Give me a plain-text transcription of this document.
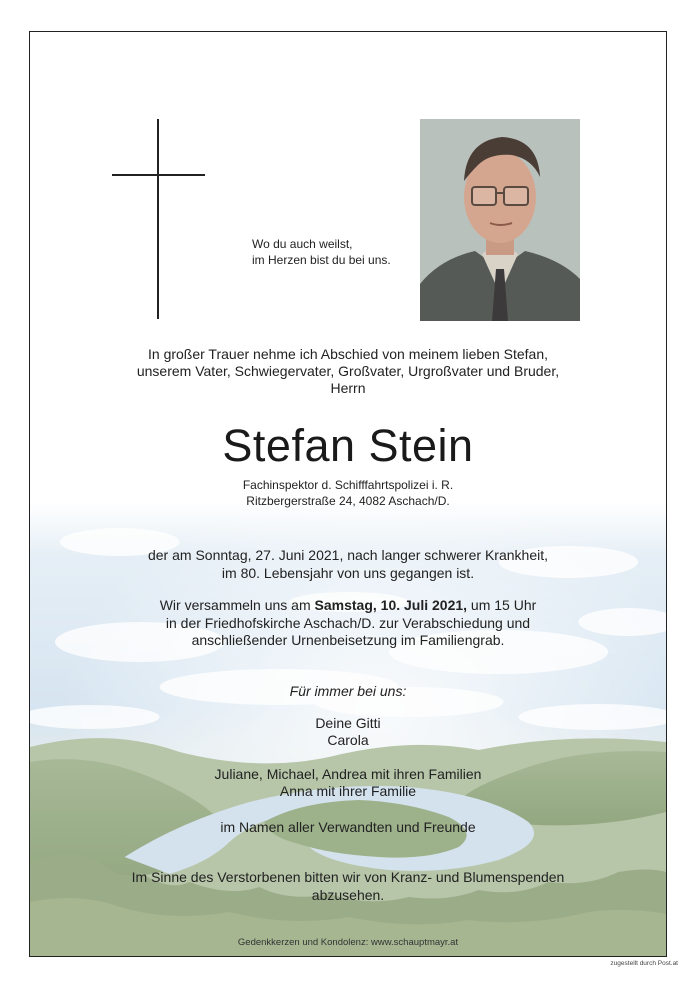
Wo du auch weilst,
im Herzen bist du bei uns.
In großer Trauer nehme ich Abschied von meinem lieben Stefan,
unserem Vater, Schwiegervater, Großvater, Urgroßvater und Bruder,
Herrn
Stefan Stein
Fachinspektor d. Schifffahrtspolizei i. R.
Ritzbergerstraße 24, 4082 Aschach/D.
der am Sonntag, 27. Juni 2021, nach langer schwerer Krankheit,
im 80. Lebensjahr von uns gegangen ist.
Wir versammeln uns am Samstag, 10. Juli 2021, um 15 Uhr
in der Friedhofskirche Aschach/D. zur Verabschiedung und
anschließender Urnenbeisetzung im Familiengrab.
Für immer bei uns:
Deine Gitti
Carola
Juliane, Michael, Andrea mit ihren Familien
Anna mit ihrer Familie
im Namen aller Verwandten und Freunde
Im Sinne des Verstorbenen bitten wir von Kranz- und Blumenspenden
abzusehen.
Gedenkkerzen und Kondolenz: www.schauptmayr.at
zugestellt durch Post.at
